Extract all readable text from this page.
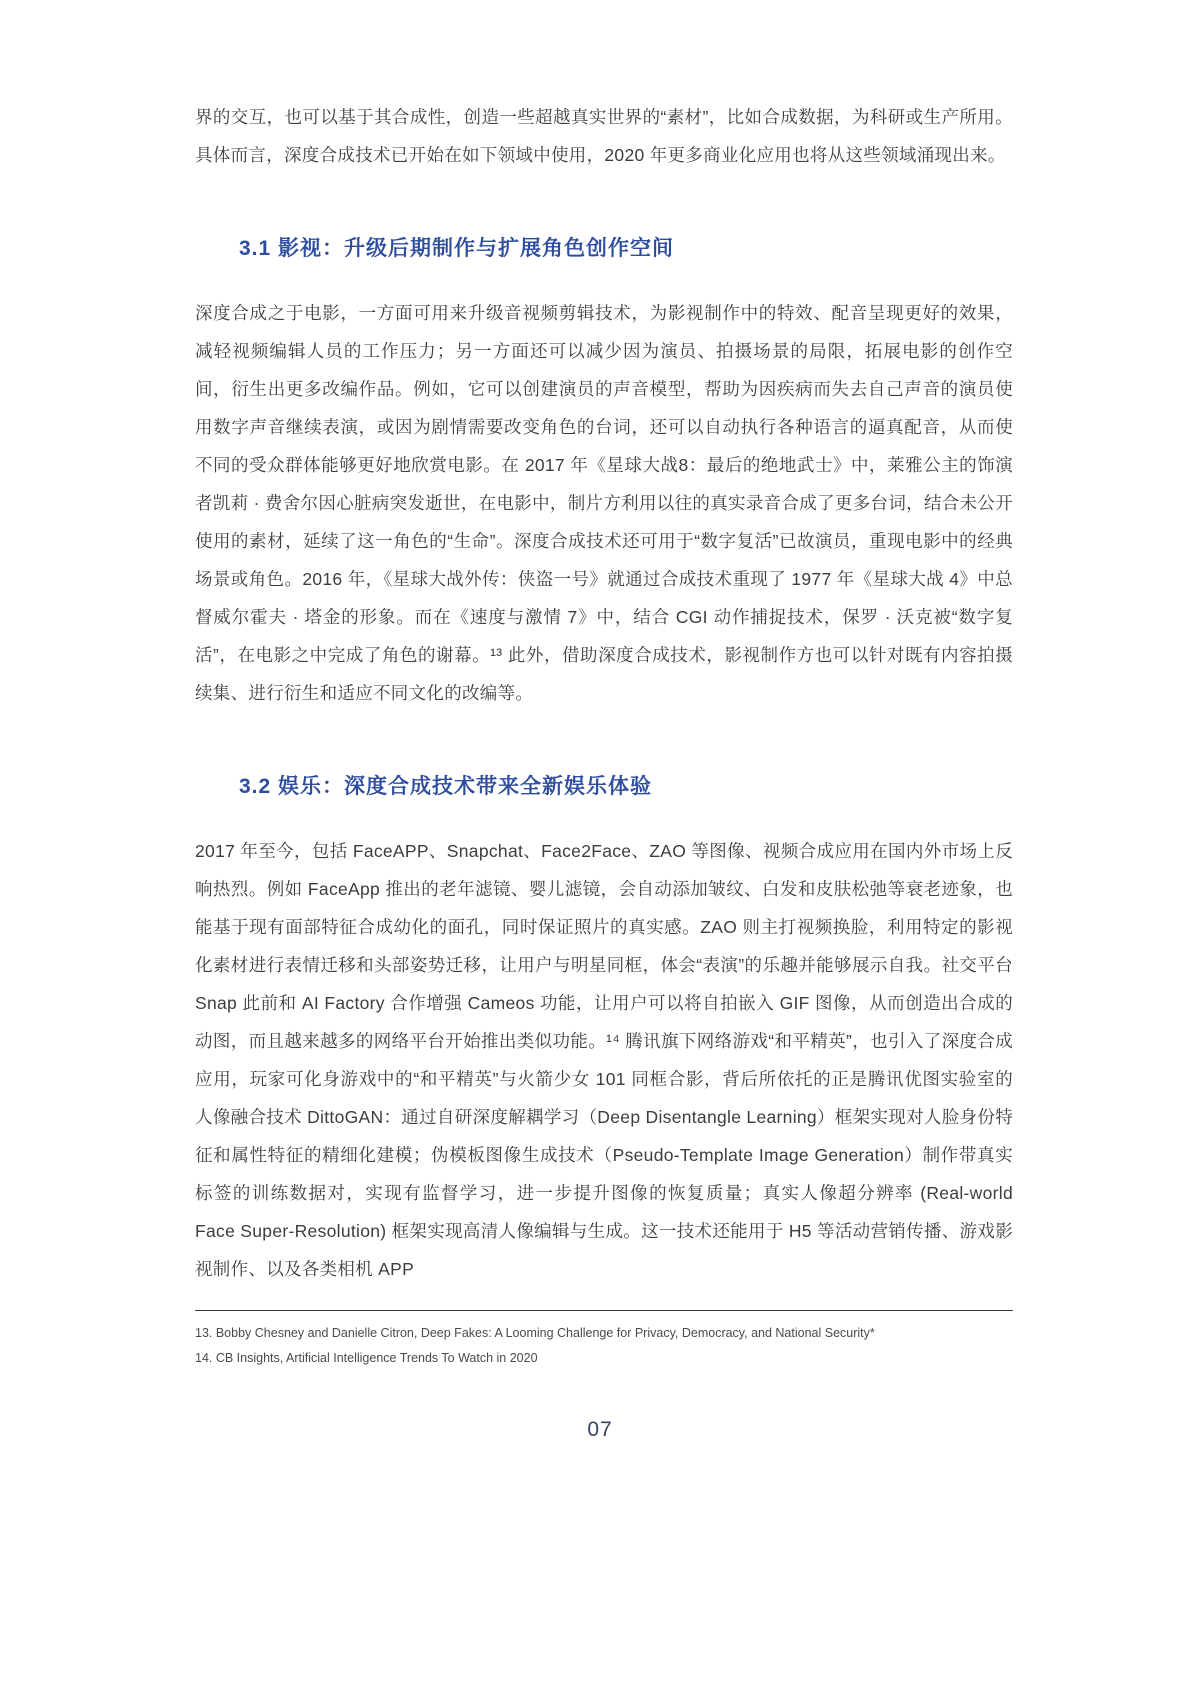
界的交互，也可以基于其合成性，创造一些超越真实世界的“素材”，比如合成数据，为科研或生产所用。具体而言，深度合成技术已开始在如下领域中使用，2020 年更多商业化应用也将从这些领域涌现出来。

3.1 影视：升级后期制作与扩展角色创作空间

深度合成之于电影，一方面可用来升级音视频剪辑技术，为影视制作中的特效、配音呈现更好的效果，减轻视频编辑人员的工作压力；另一方面还可以减少因为演员、拍摄场景的局限，拓展电影的创作空间，衍生出更多改编作品。例如，它可以创建演员的声音模型，帮助为因疾病而失去自己声音的演员使用数字声音继续表演，或因为剧情需要改变角色的台词，还可以自动执行各种语言的逼真配音，从而使不同的受众群体能够更好地欣赏电影。在 2017 年《星球大战8：最后的绝地武士》中，莱雅公主的饰演者凯莉 · 费舍尔因心脏病突发逝世，在电影中，制片方利用以往的真实录音合成了更多台词，结合未公开使用的素材，延续了这一角色的“生命”。深度合成技术还可用于“数字复活”已故演员，重现电影中的经典场景或角色。2016 年，《星球大战外传：侠盗一号》就通过合成技术重现了 1977 年《星球大战 4》中总督威尔霍夫 · 塔金的形象。而在《速度与激情 7》中，结合 CGI 动作捕捉技术，保罗 · 沃克被“数字复活”，在电影之中完成了角色的谢幕。¹³ 此外，借助深度合成技术，影视制作方也可以针对既有内容拍摄续集、进行衍生和适应不同文化的改编等。

3.2 娱乐：深度合成技术带来全新娱乐体验

2017 年至今，包括 FaceAPP、Snapchat、Face2Face、ZAO 等图像、视频合成应用在国内外市场上反响热烈。例如 FaceApp 推出的老年滤镜、婴儿滤镜，会自动添加皱纹、白发和皮肤松弛等衰老迹象，也能基于现有面部特征合成幼化的面孔，同时保证照片的真实感。ZAO 则主打视频换脸，利用特定的影视化素材进行表情迁移和头部姿势迁移，让用户与明星同框，体会“表演”的乐趣并能够展示自我。社交平台 Snap 此前和 AI Factory 合作增强 Cameos 功能，让用户可以将自拍嵌入 GIF 图像，从而创造出合成的动图，而且越来越多的网络平台开始推出类似功能。¹⁴ 腾讯旗下网络游戏“和平精英”，也引入了深度合成应用，玩家可化身游戏中的“和平精英”与火箭少女 101 同框合影，背后所依托的正是腾讯优图实验室的人像融合技术 DittoGAN：通过自研深度解耦学习（Deep Disentangle Learning）框架实现对人脸身份特征和属性特征的精细化建模；伪模板图像生成技术（Pseudo-Template Image Generation）制作带真实标签的训练数据对，实现有监督学习，进一步提升图像的恢复质量；真实人像超分辨率 (Real-world Face Super-Resolution) 框架实现高清人像编辑与生成。这一技术还能用于 H5 等活动营销传播、游戏影视制作、以及各类相机 APP

13. Bobby Chesney and Danielle Citron, Deep Fakes: A Looming Challenge for Privacy, Democracy, and National Security*

14. CB Insights, Artificial Intelligence Trends To Watch in 2020

07
